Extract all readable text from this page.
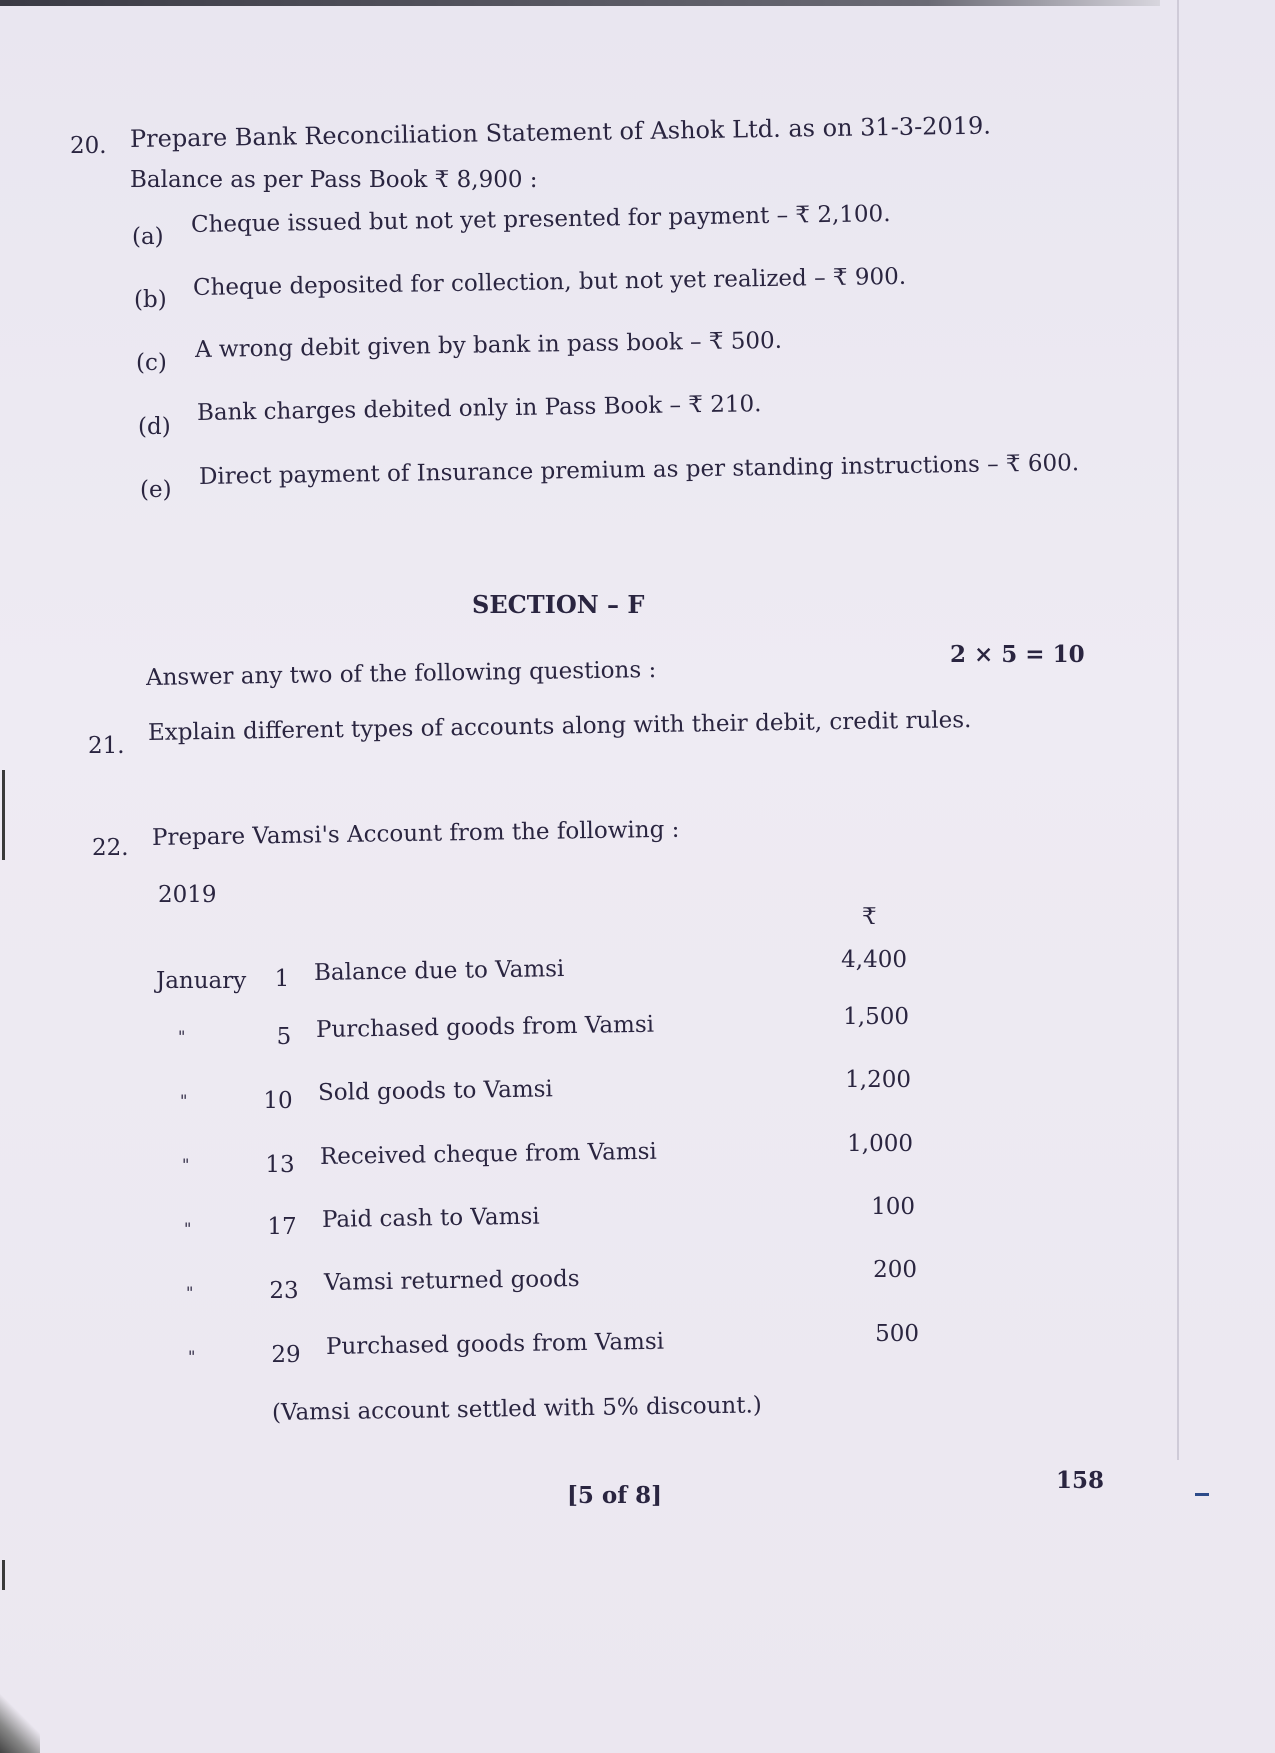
20. Prepare Bank Reconciliation Statement of Ashok Ltd. as on 31-3-2019.
Balance as per Pass Book ₹ 8,900 :
(a) Cheque issued but not yet presented for payment – ₹ 2,100.
(b) Cheque deposited for collection, but not yet realized – ₹ 900.
(c)
A wrong debit given by bank in pass book – ₹ 500.
(d)
Bank charges debited only in Pass Book – ₹ 210.
(e)
Direct payment of Insurance premium as per standing instructions – ₹ 600.
SECTION – F
Answer any two of the following questions :
2 × 5 = 10
21.
Explain different types of accounts along with their debit, credit rules.
22. Prepare Vamsi's Account from the following :
2019
₹
January	1	Balance due to Vamsi	4,400
"	5	Purchased goods from Vamsi	1,500
"	10 Sold goods to Vamsi	1,200
"	13 Received cheque from Vamsi	1,000
"	17 Paid cash to Vamsi	100
"	23 Vamsi returned goods	200
"	29 Purchased goods from Vamsi	500
(Vamsi account settled with 5% discount.)
[5 of 8]
158
